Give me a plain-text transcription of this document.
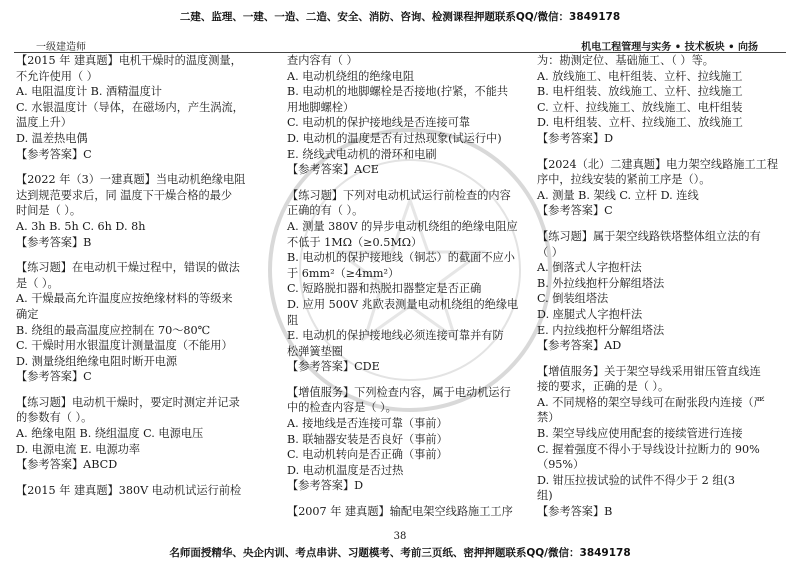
二建、监理、一建、一造、二造、安全、消防、咨询、检测课程押题联系QQ/微信：3849178
一级建造师	机电工程管理与实务 • 技术板块 • 向扬

【2015 年 建真题】电机干燥时的温度测量，

不允许使用（ ）

A. 电阻温度计 B. 酒精温度计

C. 水银温度计（导体，在磁场内，产生涡流，

温度上升）

D. 温差热电偶

【参考答案】C

【2022 年（3）一建真题】当电动机绝缘电阻

达到规范要求后，同 温度下干燥合格的最少

时间是（ ）。

A. 3h B. 5h C. 6h D. 8h

【参考答案】B

【练习题】在电动机干燥过程中，错误的做法

是（ ）。

A. 干燥最高允许温度应按绝缘材料的等级来

确定

B. 绕组的最高温度应控制在 70～80℃

C. 干燥时用水银温度计测量温度（不能用）

D. 测量绕组绝缘电阻时断开电源

【参考答案】C

【练习题】电动机干燥时，要定时测定并记录

的参数有（ ）。

A. 绝缘电阻 B. 绕组温度 C. 电源电压

D. 电源电流 E. 电源功率

【参考答案】ABCD

【2015 年 建真题】380V 电动机试运行前检

查内容有（ ）

A. 电动机绕组的绝缘电阻

B. 电动机的地脚螺栓是否接地(拧紧，不能共

用地脚螺栓）

C. 电动机的保护接地线是否连接可靠

D. 电动机的温度是否有过热现象(试运行中)

E. 绕线式电动机的滑环和电刷

【参考答案】ACE

【练习题】下列对电动机试运行前检查的内容

正确的有（ ）。

A. 测量 380V 的异步电动机绕组的绝缘电阻应

不低于 1MΩ（≥0.5MΩ）

B. 电动机的保护接地线（铜芯）的截面不应小

于 6mm²（≥4mm²）

C. 短路脱扣器和热脱扣器整定是否正确

D. 应用 500V 兆欧表测量电动机绕组的绝缘电

阻

E. 电动机的保护接地线必须连接可靠并有防

松弹簧垫圈

【参考答案】CDE

【增值服务】下列检查内容，属于电动机运行

中的检查内容是（ ）。

A. 接地线是否连接可靠（事前）

B. 联轴器安装是否良好（事前）

C. 电动机转向是否正确（事前）

D. 电动机温度是否过热

【参考答案】D

【2007 年 建真题】输配电架空线路施工工序

为：勘测定位、基础施工、（ ）等。

A. 放线施工、电杆组装、立杆、拉线施工

B. 电杆组装、放线施工、立杆、拉线施工

C. 立杆、拉线施工、放线施工、电杆组装

D. 电杆组装、立杆、拉线施工、放线施工

【参考答案】D

【2024（北）二建真题】电力架空线路施工工程

序中，拉线安装的紧前工序是（）。

A. 测量 B. 架线 C. 立杆 D. 连线

【参考答案】C

【练习题】属于架空线路铁塔整体组立法的有

（ ）

A. 倒落式人字抱杆法

B. 外拉线抱杆分解组塔法

C. 倒装组塔法

D. 座腿式人字抱杆法

E. 内拉线抱杆分解组塔法

【参考答案】AD

【增值服务】关于架空导线采用钳压管直线连

接的要求，正确的是（ ）。

A. 不同规格的架空导线可在耐张段内连接（严

禁）

B. 架空导线应使用配套的接续管进行连接

C. 握着强度不得小于导线设计拉断力的 90%

（95%）

D. 钳压拉拔试验的试件不得少于 2 组(3

组)

【参考答案】B

38
名师面授精华、央企内训、考点串讲、习题模考、考前三页纸、密押押题联系QQ/微信：3849178
